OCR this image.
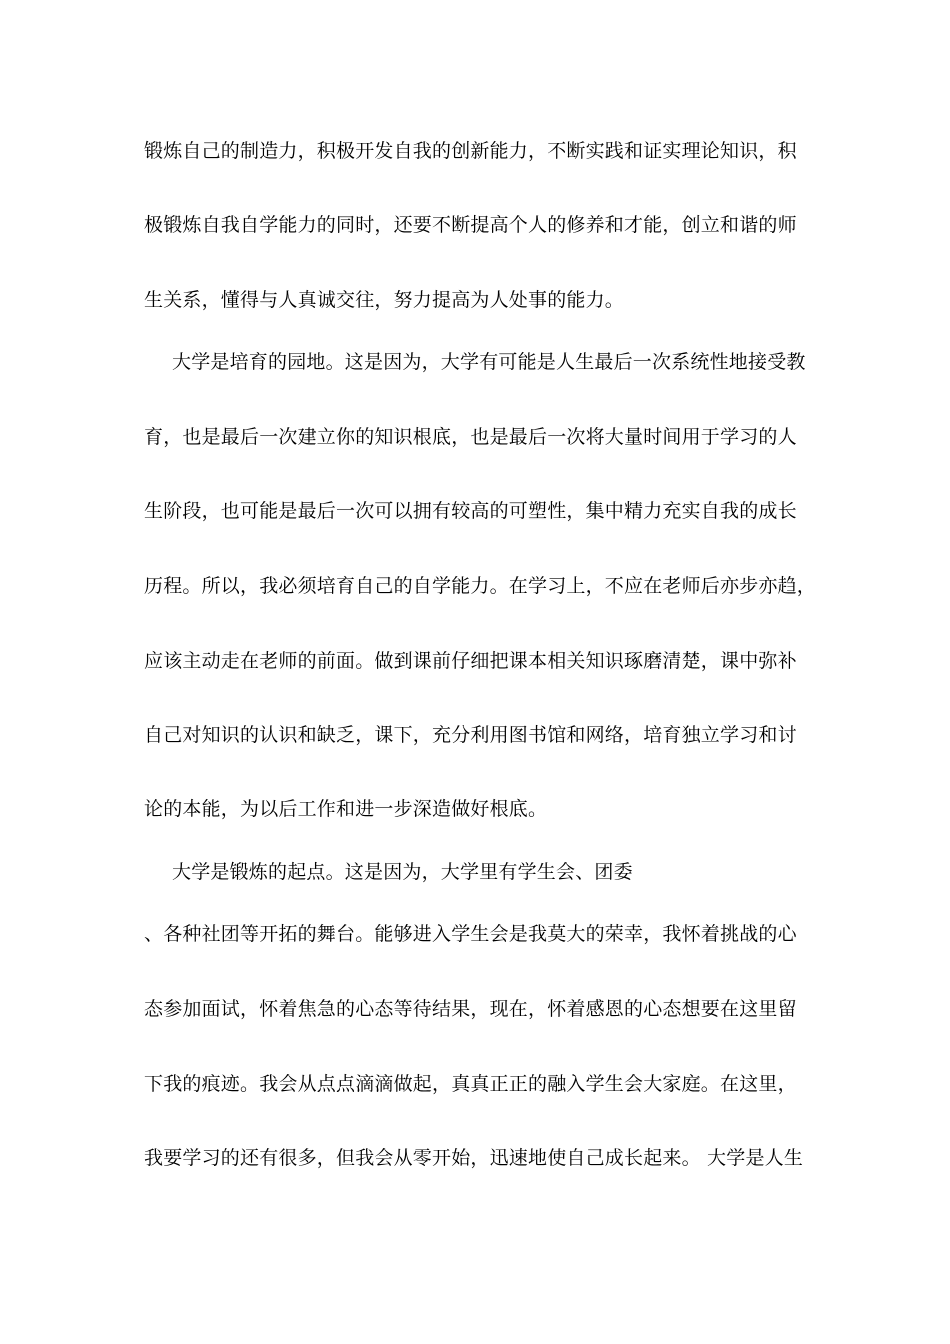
锻炼自己的制造力，积极开发自我的创新能力，不断实践和证实理论知识，积
极锻炼自我自学能力的同时，还要不断提高个人的修养和才能，创立和谐的师
生关系，懂得与人真诚交往，努力提高为人处事的能力。
大学是培育的园地。这是因为，大学有可能是人生最后一次系统性地接受教
育，也是最后一次建立你的知识根底，也是最后一次将大量时间用于学习的人
生阶段，也可能是最后一次可以拥有较高的可塑性，集中精力充实自我的成长
历程。所以，我必须培育自己的自学能力。在学习上，不应在老师后亦步亦趋，
应该主动走在老师的前面。做到课前仔细把课本相关知识琢磨清楚，课中弥补
自己对知识的认识和缺乏，课下，充分利用图书馆和网络，培育独立学习和讨
论的本能，为以后工作和进一步深造做好根底。
大学是锻炼的起点。这是因为，大学里有学生会、团委
、各种社团等开拓的舞台。能够进入学生会是我莫大的荣幸，我怀着挑战的心
态参加面试，怀着焦急的心态等待结果，现在，怀着感恩的心态想要在这里留
下我的痕迹。我会从点点滴滴做起，真真正正的融入学生会大家庭。在这里，
我要学习的还有很多，但我会从零开始，迅速地使自己成长起来。 大学是人生
